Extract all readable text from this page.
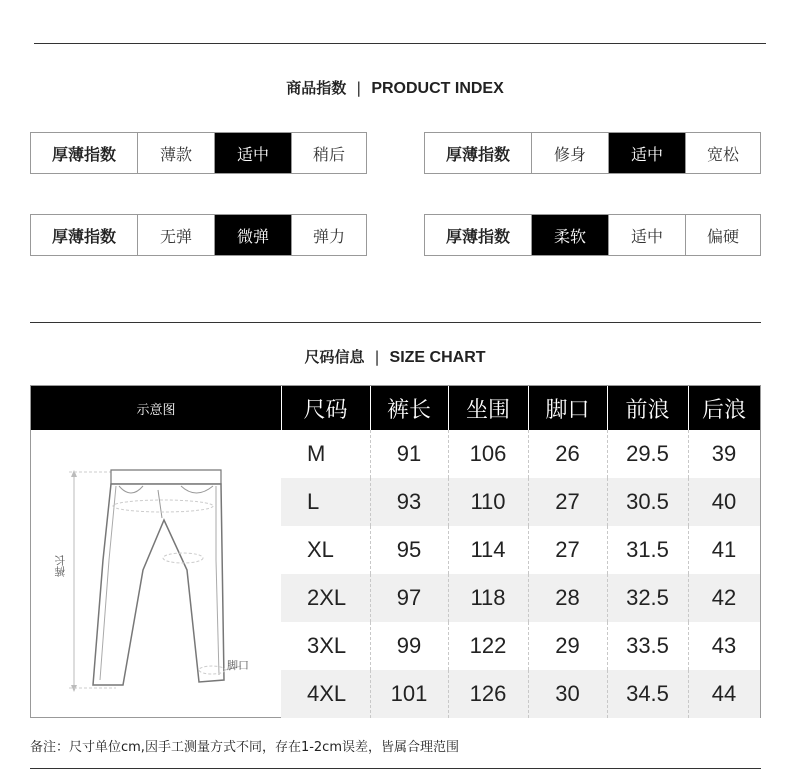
商品指数 | PRODUCT INDEX
厚薄指数	薄款	适中	稍后	厚薄指数	修身	适中	宽松
厚薄指数	无弹	微弹	弹力	厚薄指数	柔软	适中	偏硬
尺码信息 | SIZE CHART
示意图	尺码	裤长	坐围	脚口	前浪	后浪
裤长
脚口
M	91	106	26	29.5	39
L	93	110	27	30.5	40
XL	95	114	27	31.5	41
2XL	97	118	28	32.5	42
3XL	99	122	29	33.5	43
4XL	101	126	30	34.5	44
备注：尺寸单位cm,因手工测量方式不同，存在1-2cm误差，皆属合理范围
